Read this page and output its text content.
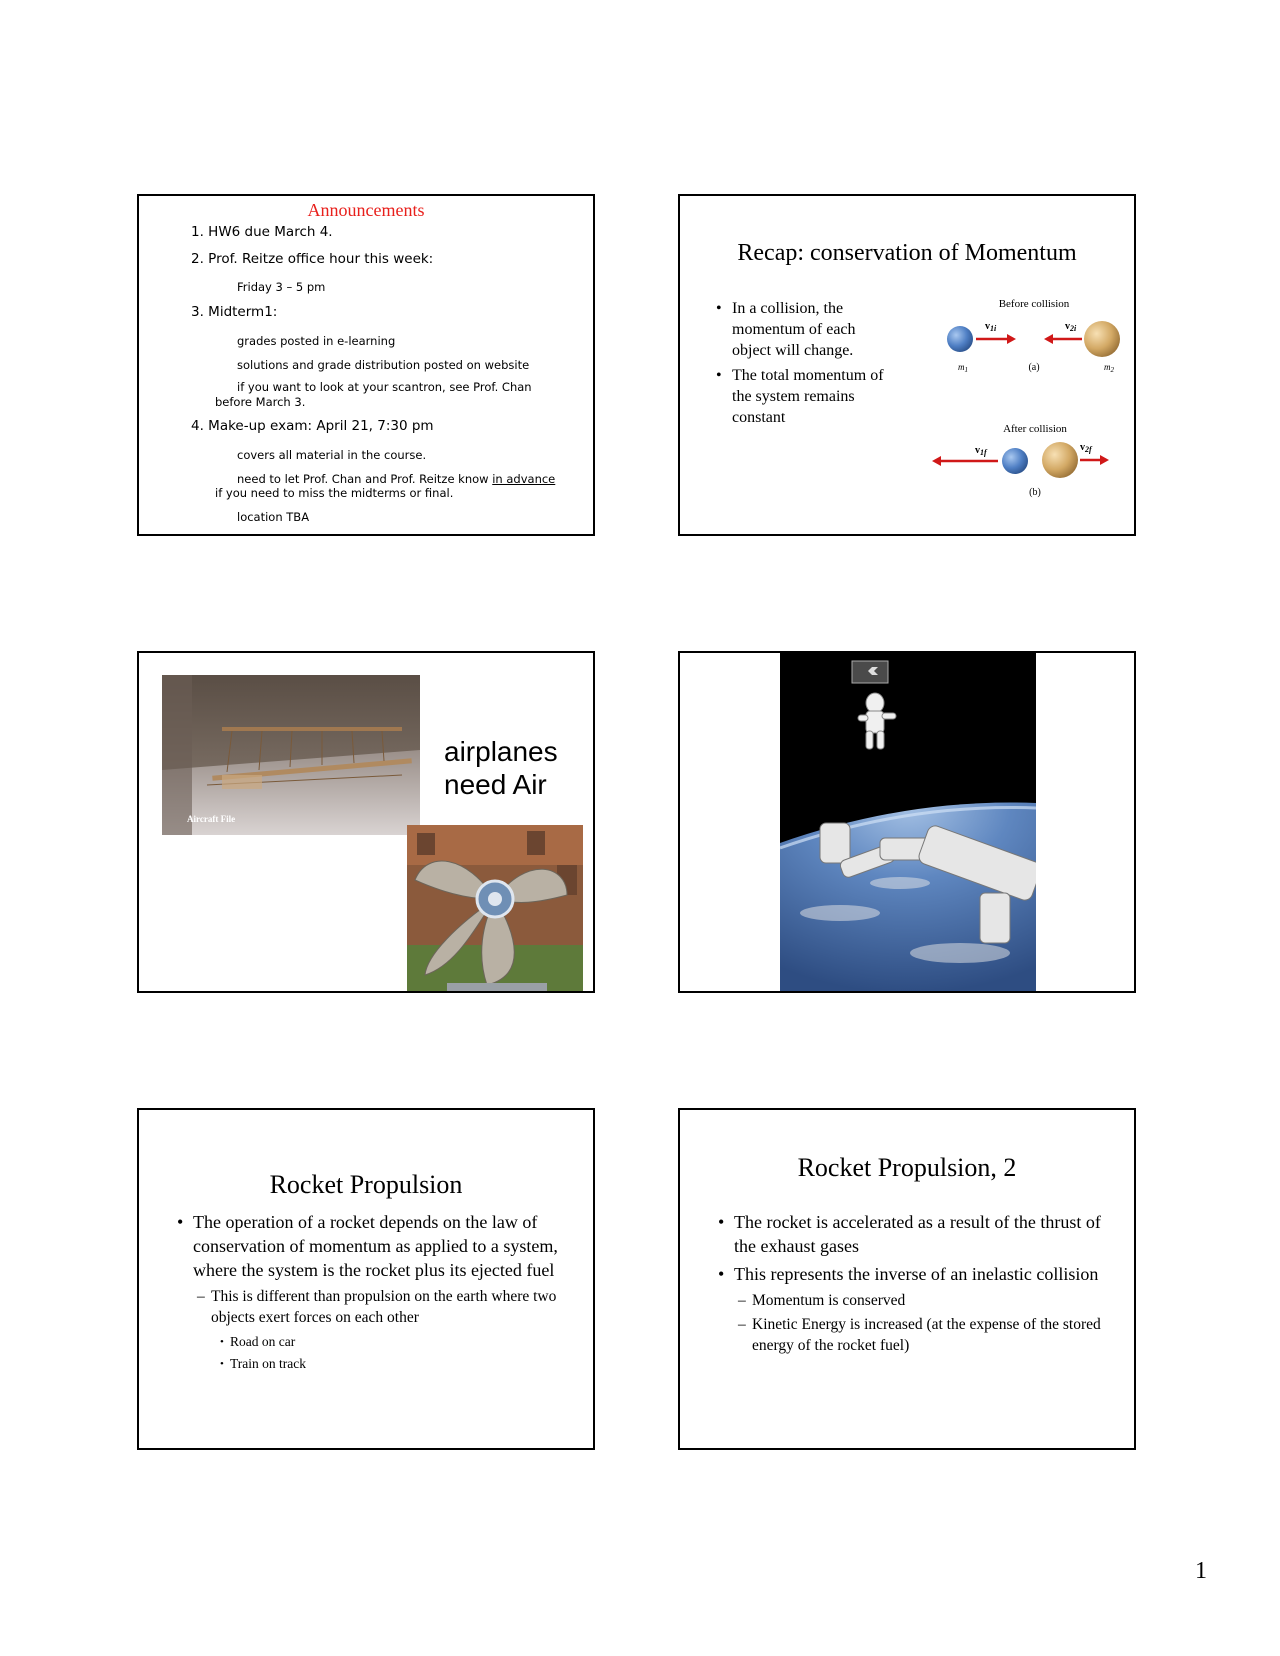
Announcements
1. HW6 due March 4.
2. Prof. Reitze office hour this week:
Friday 3 – 5 pm
3. Midterm1:
grades posted in e-learning
solutions and grade distribution posted on website
if you want to look at your scantron, see Prof. Chan
before March 3.
4. Make-up exam: April 21, 7:30 pm
covers all material in the course.
need to let Prof. Chan and Prof. Reitze know in advance
if you need to miss the midterms or final.
location TBA
Recap: conservation of Momentum
• In a collision, the momentum of each object will change.
• The total momentum of the system remains constant
Before collision
$v_{1i}$	$v_{2i}$
$m_1$	(a)	$m_2$
After collision
$v_{1f}$	$v_{2f}$
(b)
Aircraft File
airplanes
need Air
Rocket Propulsion
• The operation of a rocket depends on the law of conservation of momentum as applied to a system, where the system is the rocket plus its ejected fuel
– This is different than propulsion on the earth where two objects exert forces on each other
• Road on car
• Train on track
Rocket Propulsion, 2
• The rocket is accelerated as a result of the thrust of the exhaust gases
• This represents the inverse of an inelastic collision
– Momentum is conserved
– Kinetic Energy is increased (at the expense of the stored energy of the rocket fuel)
1
